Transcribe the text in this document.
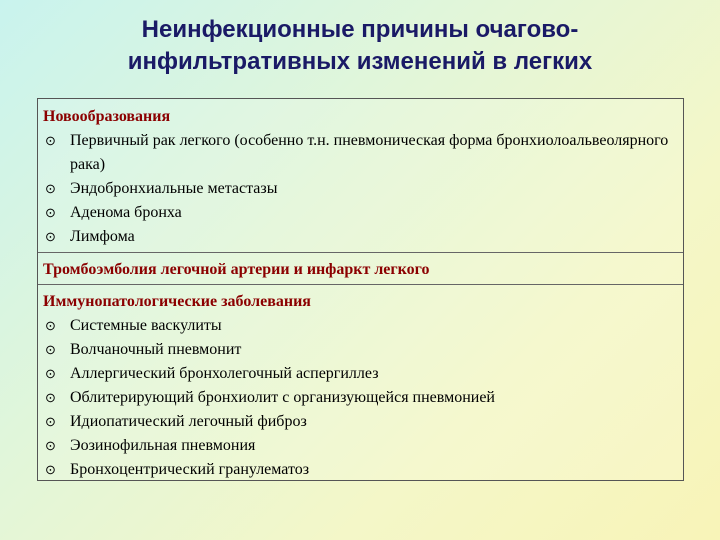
Неинфекционные причины очагово-
инфильтративных изменений в легких
Новообразования
⊙ Первичный рак легкого (особенно т.н. пневмоническая форма бронхиолоальвеолярного рака)
⊙ Эндобронхиальные метастазы
⊙ Аденома бронха
⊙ Лимфома
Тромбоэмболия легочной артерии и инфаркт легкого
Иммунопатологические заболевания
⊙ Системные васкулиты
⊙ Волчаночный пневмонит
⊙ Аллергический бронхолегочный аспергиллез
⊙ Облитерирующий бронхиолит с организующейся пневмонией
⊙ Идиопатический легочный фиброз
⊙ Эозинофильная пневмония
⊙ Бронхоцентрический гранулематоз
